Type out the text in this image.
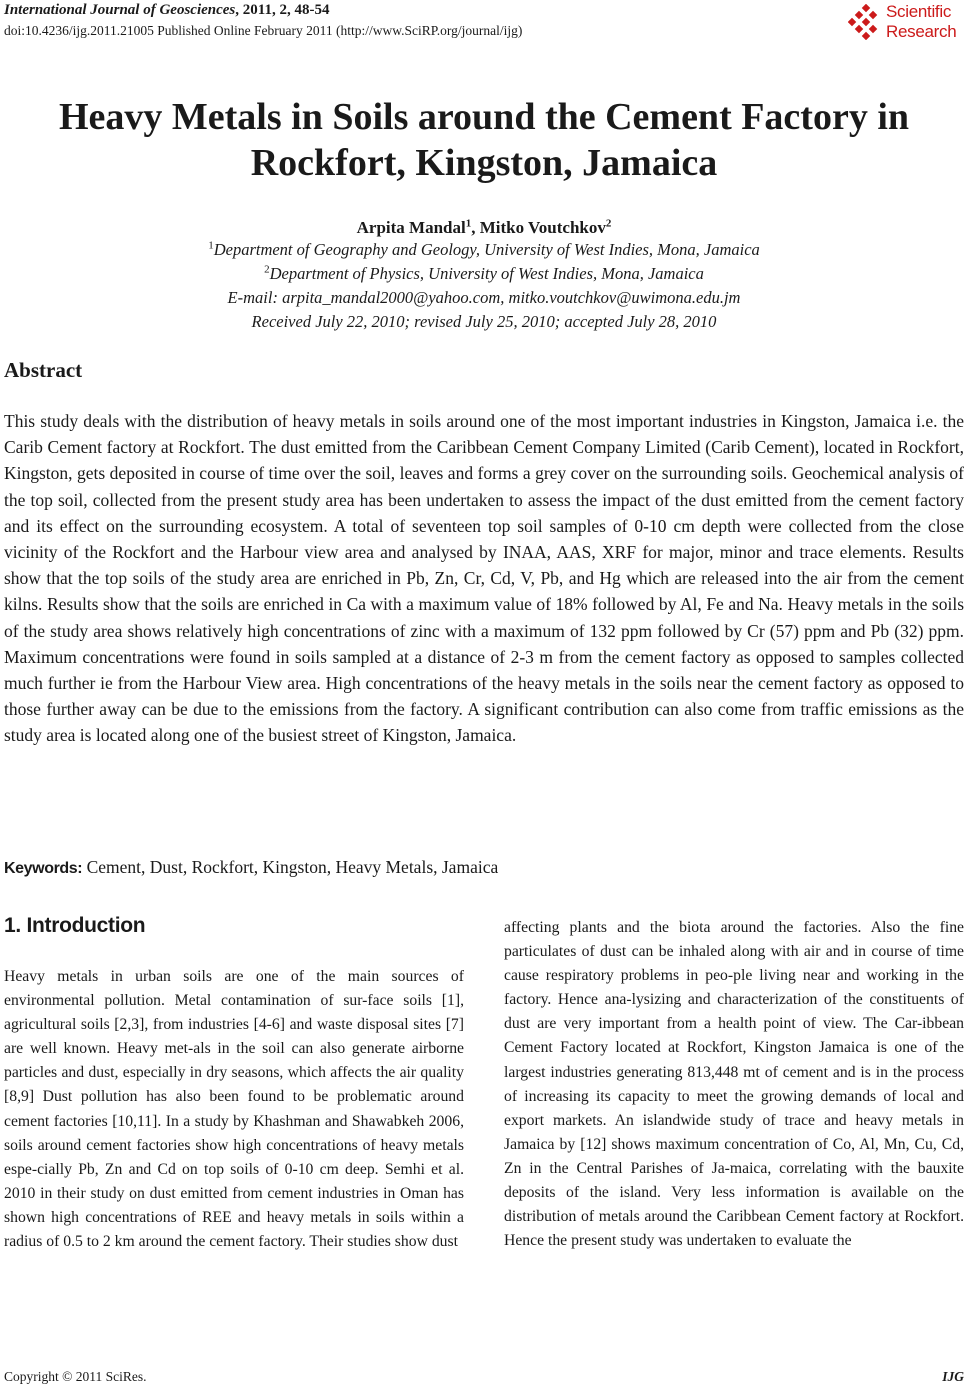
International Journal of Geosciences, 2011, 2, 48-54
doi:10.4236/ijg.2011.21005 Published Online February 2011 (http://www.SciRP.org/journal/ijg)
Scientific
Research
Heavy Metals in Soils around the Cement Factory in
Rockfort, Kingston, Jamaica
Arpita Mandal$^1$, Mitko Voutchkov$^2$
$^1$Department of Geography and Geology, University of West Indies, Mona, Jamaica
$^2$Department of Physics, University of West Indies, Mona, Jamaica
E-mail: arpita_mandal2000@yahoo.com, mitko.voutchkov@uwimona.edu.jm
Received July 22, 2010; revised July 25, 2010; accepted July 28, 2010
Abstract
This study deals with the distribution of heavy metals in soils around one of the most important industries in Kingston, Jamaica i.e. the Carib Cement factory at Rockfort. The dust emitted from the Caribbean Cement Company Limited (Carib Cement), located in Rockfort, Kingston, gets deposited in course of time over the soil, leaves and forms a grey cover on the surrounding soils. Geochemical analysis of the top soil, collected from the present study area has been undertaken to assess the impact of the dust emitted from the cement factory and its effect on the surrounding ecosystem. A total of seventeen top soil samples of 0-10 cm depth were collected from the close vicinity of the Rockfort and the Harbour view area and analysed by INAA, AAS, XRF for major, minor and trace elements. Results show that the top soils of the study area are enriched in Pb, Zn, Cr, Cd, V, Pb, and Hg which are released into the air from the cement kilns. Results show that the soils are enriched in Ca with a maximum value of 18% followed by Al, Fe and Na. Heavy metals in the soils of the study area shows relatively high concentrations of zinc with a maximum of 132 ppm followed by Cr (57) ppm and Pb (32) ppm. Maximum concentrations were found in soils sampled at a distance of 2-3 m from the cement factory as opposed to samples collected much further ie from the Harbour View area. High concentrations of the heavy metals in the soils near the cement factory as opposed to those further away can be due to the emissions from the factory. A significant contribution can also come from traffic emissions as the study area is located along one of the busiest street of Kingston, Jamaica.
Keywords: Cement, Dust, Rockfort, Kingston, Heavy Metals, Jamaica
1. Introduction
Heavy metals in urban soils are one of the main sources of environmental pollution. Metal contamination of sur-face soils [1], agricultural soils [2,3], from industries [4-6] and waste disposal sites [7] are well known. Heavy met-als in the soil can also generate airborne particles and dust, especially in dry seasons, which affects the air quality [8,9] Dust pollution has also been found to be problematic around cement factories [10,11]. In a study by Khashman and Shawabkeh 2006, soils around cement factories show high concentrations of heavy metals espe-cially Pb, Zn and Cd on top soils of 0-10 cm deep. Semhi et al. 2010 in their study on dust emitted from cement industries in Oman has shown high concentrations of REE and heavy metals in soils within a radius of 0.5 to 2 km around the cement factory. Their studies show dust
affecting plants and the biota around the factories. Also the fine particulates of dust can be inhaled along with air and in course of time cause respiratory problems in peo-ple living near and working in the factory. Hence ana-lysizing and characterization of the constituents of dust are very important from a health point of view. The Car-ibbean Cement Factory located at Rockfort, Kingston Jamaica is one of the largest industries generating 813,448 mt of cement and is in the process of increasing its capacity to meet the growing demands of local and export markets. An islandwide study of trace and heavy metals in Jamaica by [12] shows maximum concentration of Co, Al, Mn, Cu, Cd, Zn in the Central Parishes of Ja-maica, correlating with the bauxite deposits of the island. Very less information is available on the distribution of metals around the Caribbean Cement factory at Rockfort. Hence the present study was undertaken to evaluate the
Copyright © 2011 SciRes.	IJG
